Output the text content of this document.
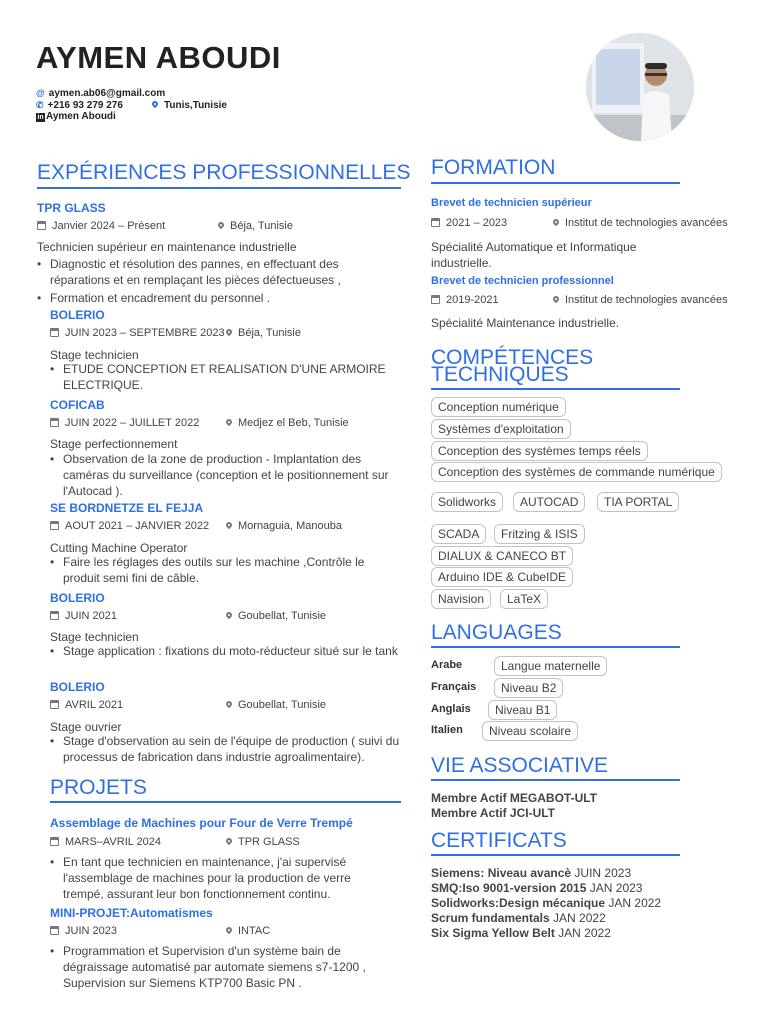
AYMEN ABOUDI
@ aymen.ab06@gmail.com
✆ +216 93 279 276	Tunis,Tunisie
in Aymen Aboudi
EXPÉRIENCES PROFESSIONNELLES
TPR GLASS
Janvier 2024 – Prèsent	Béja, Tunisie
Technicien supérieur en maintenance industrielle
• Diagnostic et résolution des pannes, en effectuant des réparations et en remplaçant les pièces défectueuses ,
• Formation et encadrement du personnel .
BOLERIO
JUIN 2023 – SEPTEMBRE 2023	Béja, Tunisie
Stage technicien
• ETUDE CONCEPTION ET REALISATION D'UNE ARMOIRE ELECTRIQUE.
COFICAB
JUIN 2022 – JUILLET 2022	Medjez el Beb, Tunisie
Stage perfectionnement
• Observation de la zone de production - Implantation des caméras du surveillance (conception et le positionnement sur l'Autocad ).
SE BORDNETZE EL FEJJA
AOUT 2021 – JANVIER 2022	Mornaguia, Manouba
Cutting Machine Operator
• Faire les réglages des outils sur les machine ,Contrôle le produit semi fini de câble.
BOLERIO
JUIN 2021	Goubellat, Tunisie
Stage technicien
• Stage application : fixations du moto-réducteur situé sur le tank
BOLERIO
AVRIL 2021	Goubellat, Tunisie
Stage ouvrier
• Stage d'observation au sein de l'équipe de production ( suivi du processus de fabrication dans industrie agroalimentaire).
PROJETS
Assemblage de Machines pour Four de Verre Trempé
MARS–AVRIL 2024	TPR GLASS
• En tant que technicien en maintenance, j'ai supervisé l'assemblage de machines pour la production de verre trempé, assurant leur bon fonctionnement continu.
MINI-PROJET:Automatismes
JUIN 2023	INTAC
• Programmation et Supervision d'un système bain de dégraissage automatisé par automate siemens s7-1200 , Supervision sur Siemens KTP700 Basic PN .
FORMATION
Brevet de technicien supérieur
2021 – 2023	Institut de technologies avancées
Spécialité Automatique et Informatique industrielle.
Brevet de technicien professionnel
2019-2021	Institut de technologies avancées
Spécialité Maintenance industrielle.
COMPÉTENCES
TECHNIQUES
Conception numérique
Systèmes d'exploitation
Conception des systèmes temps réels
Conception des systèmes de commande numérique
Solidworks	AUTOCAD	TIA PORTAL
SCADA	Fritzing & ISIS
DIALUX & CANECO BT
Arduino IDE & CubeIDE
Navision	LaTeX
LANGUAGES
Arabe	Langue maternelle
Français	Niveau B2
Anglais	Niveau B1
Italien	Niveau scolaire
VIE ASSOCIATIVE
Membre Actif MEGABOT-ULT
Membre Actif JCI-ULT
CERTIFICATS
Siemens: Niveau avancè JUIN 2023
SMQ:Iso 9001-version 2015 JAN 2023
Solidworks:Design mécanique JAN 2022
Scrum fundamentals JAN 2022
Six Sigma Yellow Belt JAN 2022
